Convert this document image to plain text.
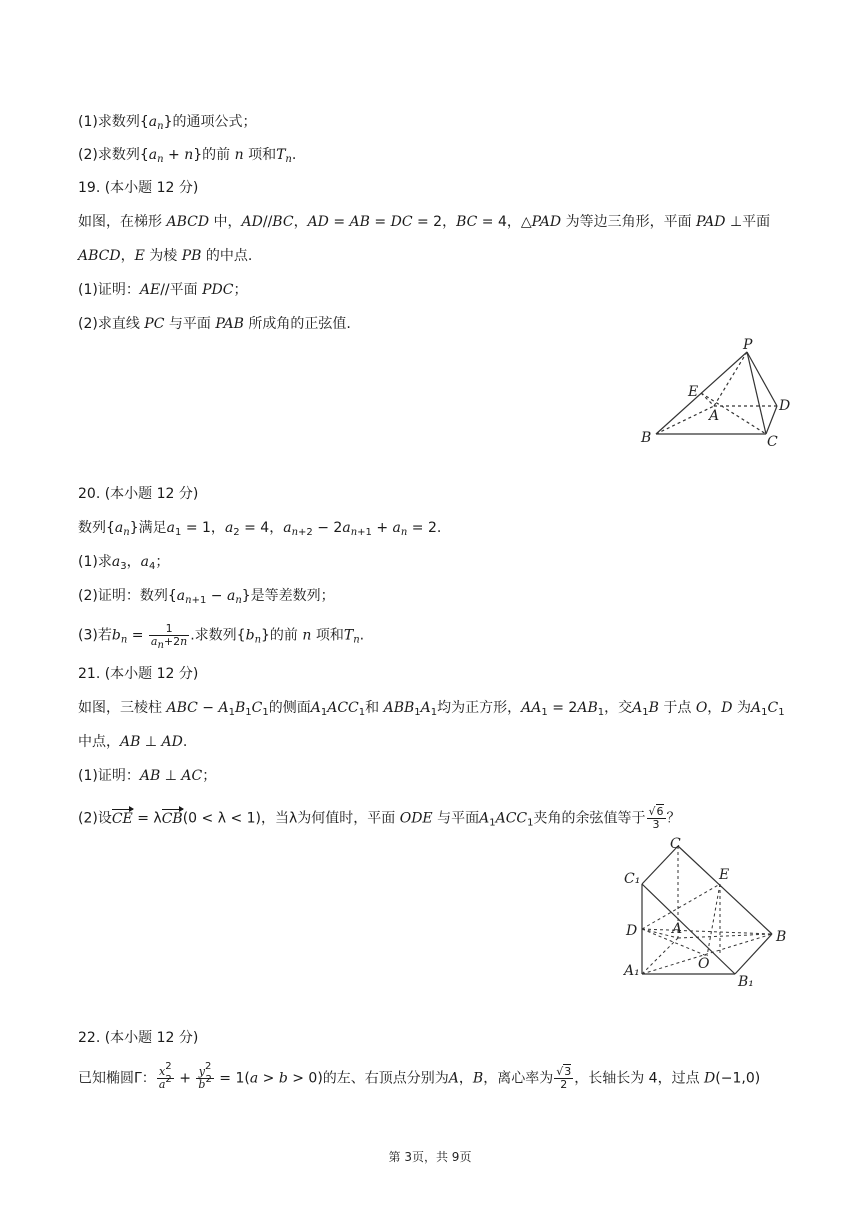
(1)求数列$\{a_n\}$的通项公式；
(2)求数列$\{a_n + n\}$的前 n 项和$T_n$.
19. (本小题 12 分)
如图，在梯形 ABCD 中，AD//BC，AD = AB = DC = 2，BC = 4，△PAD 为等边三角形，平面 PAD ⊥平面
ABCD，E 为棱 PB 的中点.
(1)证明：AE//平面 PDC；
(2)求直线 PC 与平面 PAB 所成角的正弦值.
P
E
A
D
B	C
20. (本小题 12 分)
数列$\{a_n\}$满足$a_1 = 1$，$a_2 = 4$，$a_{n+2} - 2a_{n+1} + a_n = 2$.
(1)求$a_3$，$a_4$；
(2)证明：数列$\{a_{n+1} - a_n\}$是等差数列；
(3)若$b_n = \frac{1}{a_n+2n}$ .求数列$\{b_n\}$的前 n 项和$T_n$.
21. (本小题 12 分)
如图，三棱柱 ABC − $A_1B_1C_1$的侧面$A_1ACC_1$和 $ABB_1A_1$均为正方形，$AA_1 = 2AB_1$，交$A_1B$ 于点 O，D 为$A_1C_1$
中点，AB ⊥ AD.
(1)证明：AB ⊥ AC；
(2)设CE = λCB(0 < λ < 1)，当λ为何值时，平面 ODE 与平面$A_1ACC_1$夹角的余弦值等于 $\frac{√6}{3}$ ？
C
C₁	E
D A	B
O
A₁
B₁
22. (本小题 12 分)
已知椭圆Γ： $\frac{x^2}{a^2} + \frac{y^2}{b^2} = 1(a > b > 0)$的左、右顶点分别为A，B，离心率为 $\frac{√3}{2}$ ，长轴长为 4，过点 D(−1,0)
第 3页，共 9页
